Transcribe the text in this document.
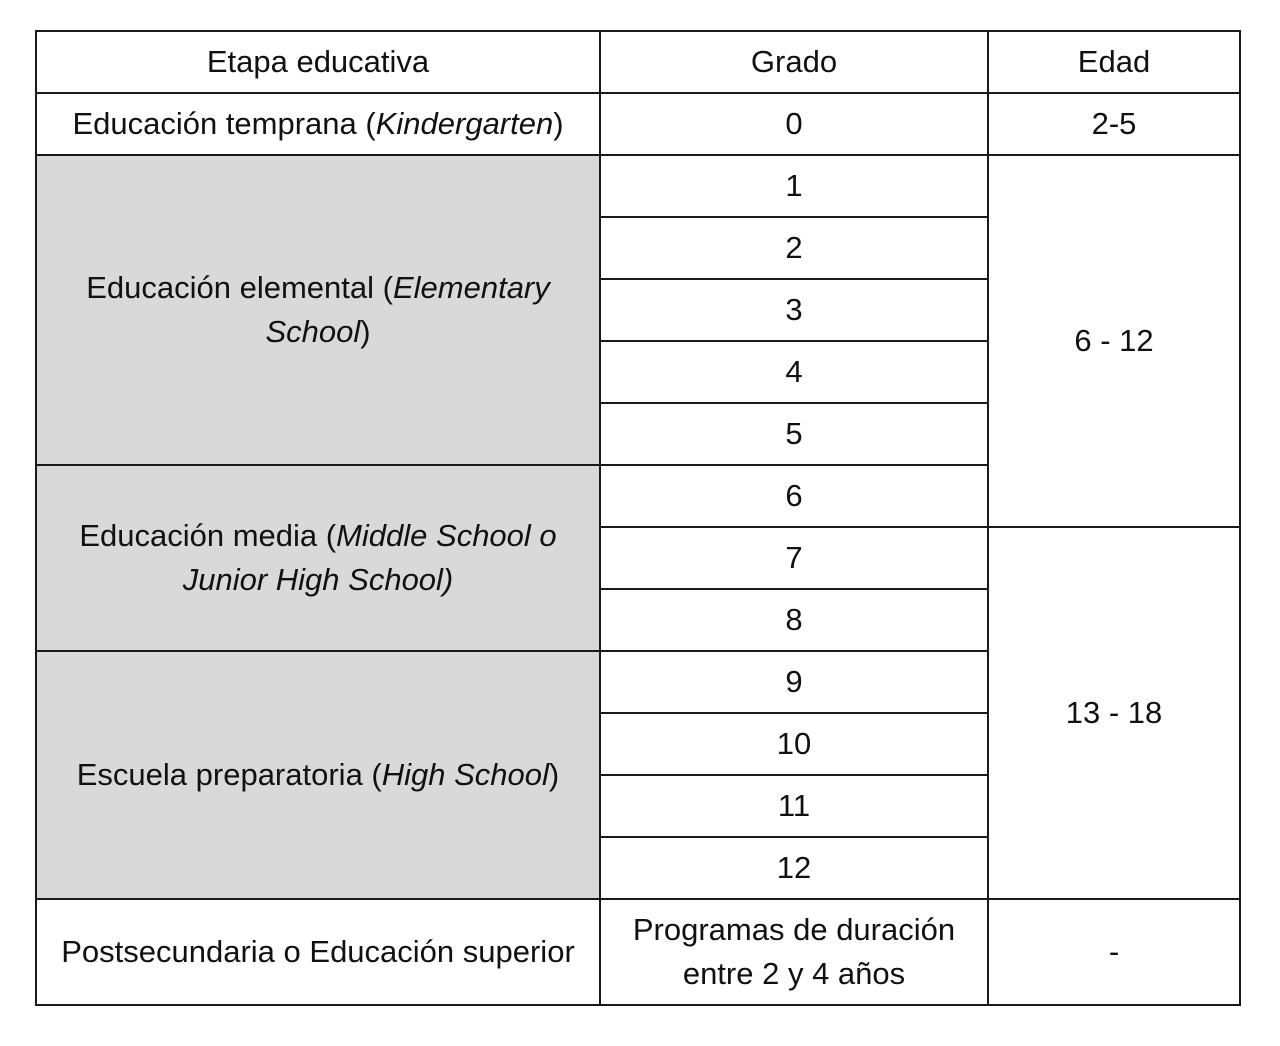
Etapa educativa	Grado	Edad
Educación temprana (Kindergarten)	0	2-5
Educación elemental (Elementary School)	1	6 - 12
	2	
	3	
	4	
	5	
Educación media (Middle School o Junior High School)	6	
	7	13 - 18
	8	
Escuela preparatoria (High School)	9	
	10	
	11	
	12	
Postsecundaria o Educación superior	Programas de duración entre 2 y 4 años	-
